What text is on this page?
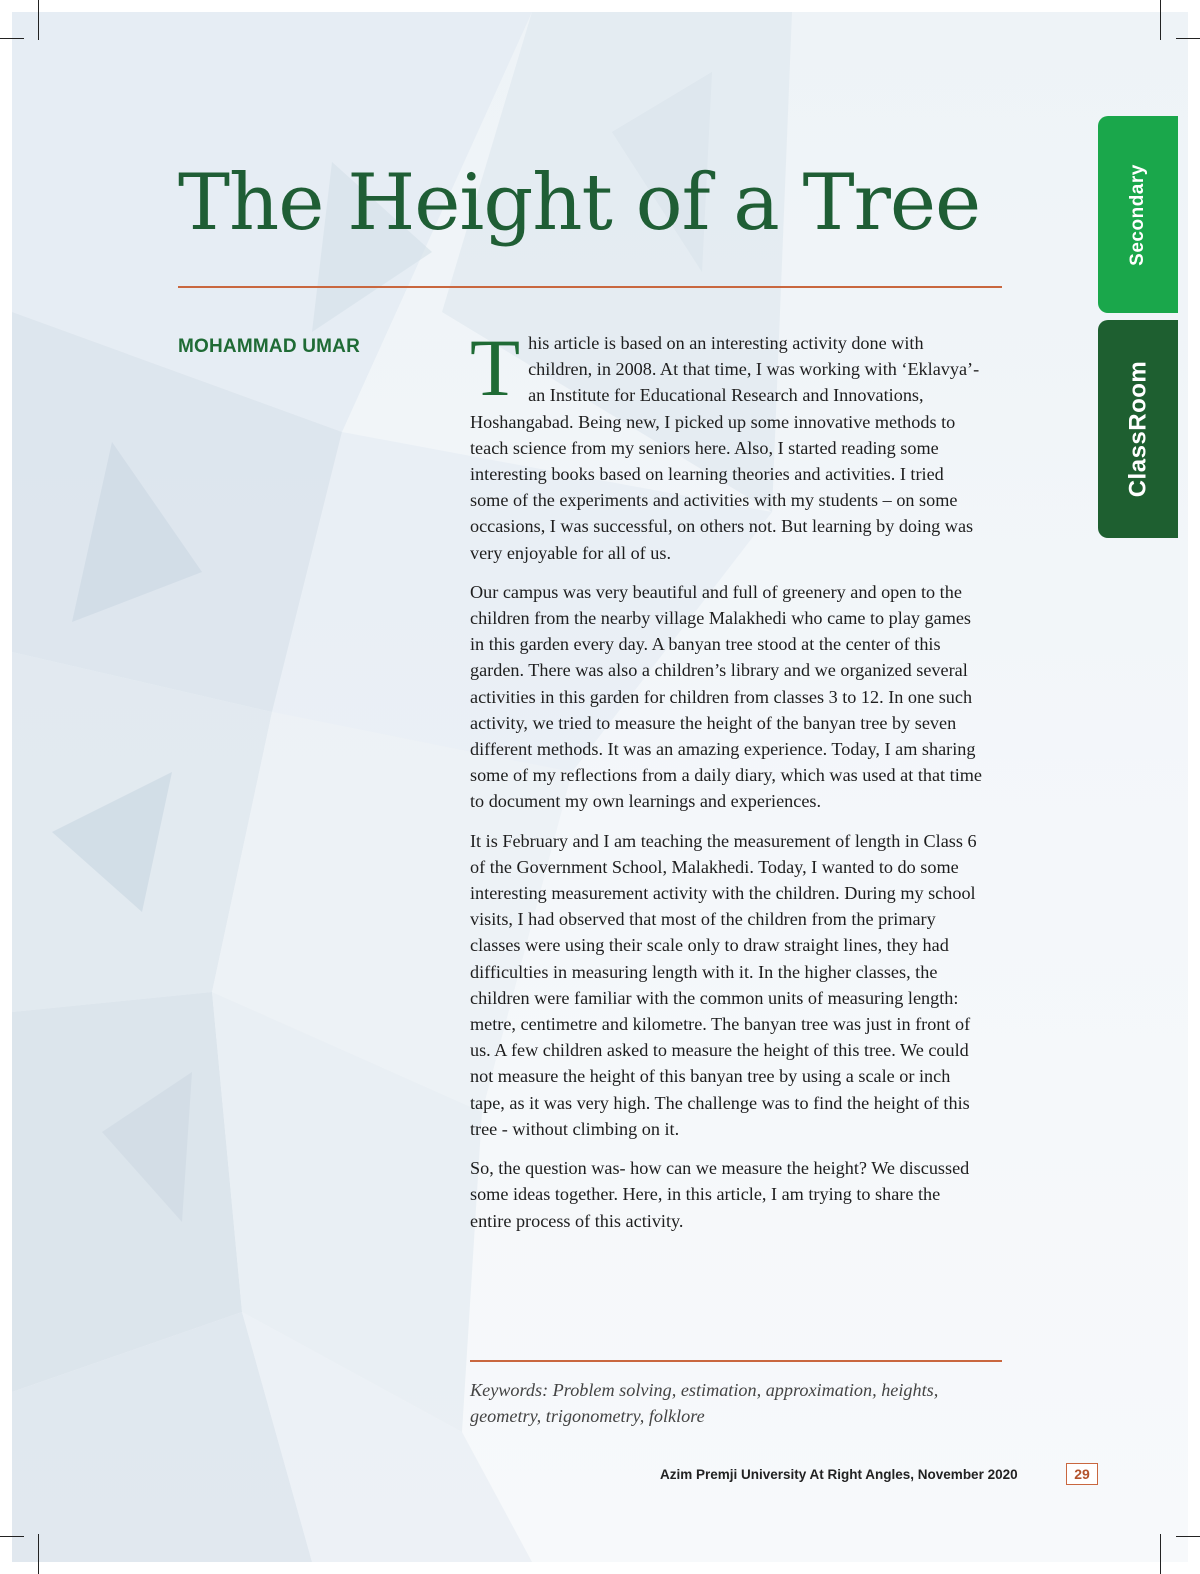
The Height of a Tree
MOHAMMAD UMAR This article is based on an interesting activity done with children, in 2008. At that time, I was working with ‘Eklavya’- an Institute for Educational Research and Innovations, Hoshangabad. Being new, I picked up some innovative methods to teach science from my seniors here. Also, I started reading some interesting books based on learning theories and activities. I tried some of the experiments and activities with my students – on some occasions, I was successful, on others not. But learning by doing was very enjoyable for all of us.

Our campus was very beautiful and full of greenery and open to the children from the nearby village Malakhedi who came to play games in this garden every day. A banyan tree stood at the center of this garden. There was also a children’s library and we organized several activities in this garden for children from classes 3 to 12. In one such activity, we tried to measure the height of the banyan tree by seven different methods. It was an amazing experience. Today, I am sharing some of my reflections from a daily diary, which was used at that time to document my own learnings and experiences.

It is February and I am teaching the measurement of length in Class 6 of the Government School, Malakhedi. Today, I wanted to do some interesting measurement activity with the children. During my school visits, I had observed that most of the children from the primary classes were using their scale only to draw straight lines, they had difficulties in measuring length with it. In the higher classes, the children were familiar with the common units of measuring length: metre, centimetre and kilometre. The banyan tree was just in front of us. A few children asked to measure the height of this tree. We could not measure the height of this banyan tree by using a scale or inch tape, as it was very high. The challenge was to find the height of this tree - without climbing on it.

So, the question was- how can we measure the height? We discussed some ideas together. Here, in this article, I am trying to share the entire process of this activity.

Keywords: Problem solving, estimation, approximation, heights, geometry, trigonometry, folklore
Azim Premji University At Right Angles, November 2020	29
Secondary
ClassRoom
